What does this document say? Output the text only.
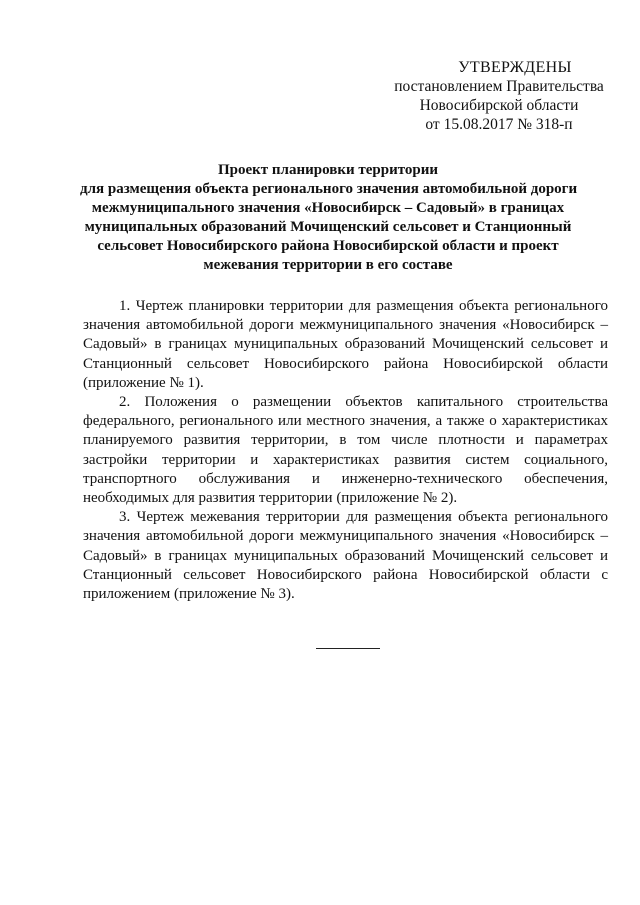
УТВЕРЖДЕНЫ
постановлением Правительства
Новосибирской области
от 15.08.2017 № 318-п
Проект планировки территории
для размещения объекта регионального значения автомобильной дороги
межмуниципального значения «Новосибирск – Садовый» в границах
муниципальных образований Мочищенский сельсовет и Станционный
сельсовет Новосибирского района Новосибирской области и проект
межевания территории в его составе
1. Чертеж планировки территории для размещения объекта регионального
значения автомобильной дороги межмуниципального значения «Новосибирск –
Садовый» в границах муниципальных образований Мочищенский сельсовет и
Станционный сельсовет Новосибирского района Новосибирской области
(приложение № 1).
2. Положения о размещении объектов капитального строительства
федерального, регионального или местного значения, а также о характеристиках
планируемого развития территории, в том числе плотности и параметрах
застройки территории и характеристиках развития систем социального,
транспортного обслуживания и инженерно-технического обеспечения,
необходимых для развития территории (приложение № 2).
3. Чертеж межевания территории для размещения объекта регионального
значения автомобильной дороги межмуниципального значения «Новосибирск –
Садовый» в границах муниципальных образований Мочищенский сельсовет и
Станционный сельсовет Новосибирского района Новосибирской области с
приложением (приложение № 3).
